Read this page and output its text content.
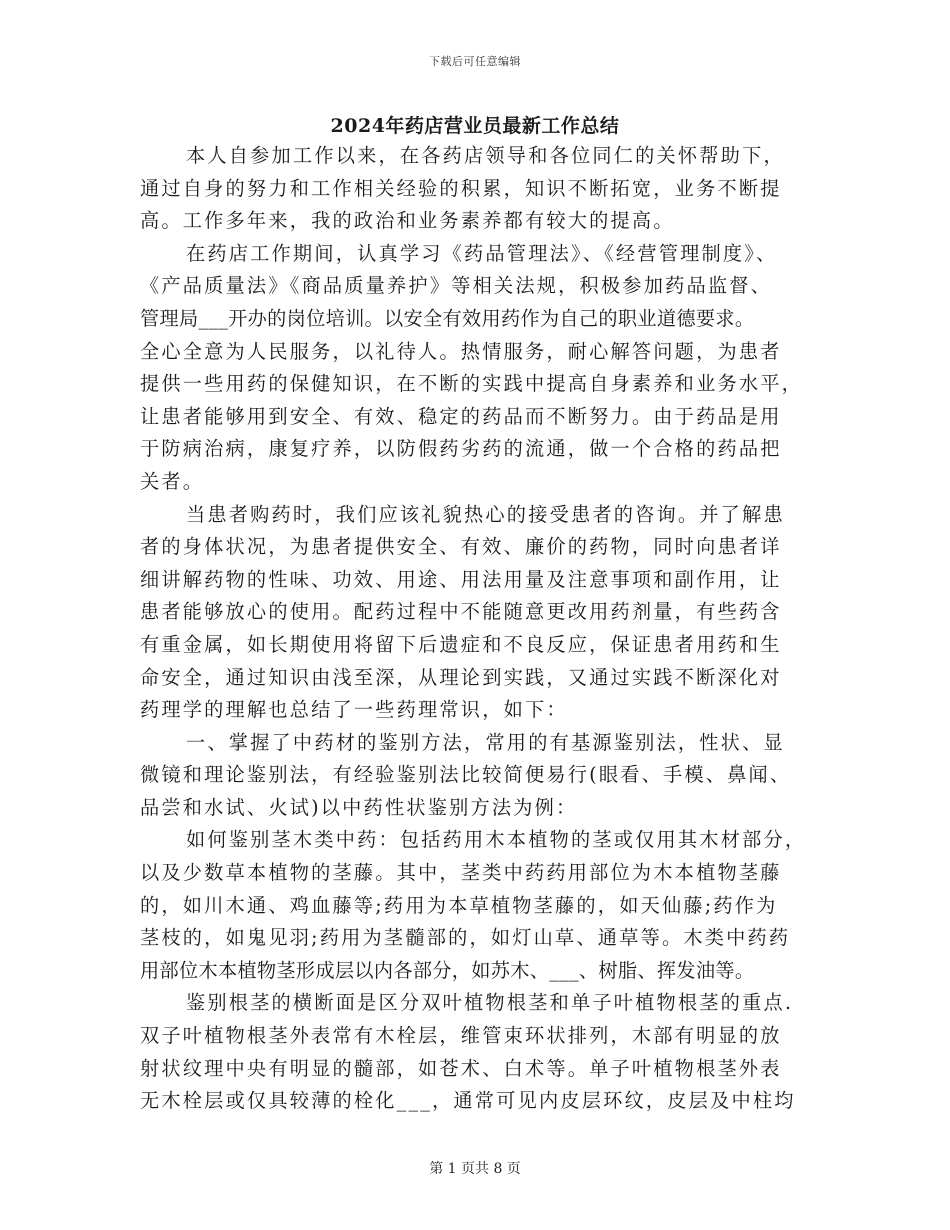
下载后可任意编辑
2024年药店营业员最新工作总结
本人自参加工作以来，在各药店领导和各位同仁的关怀帮助下，
通过自身的努力和工作相关经验的积累，知识不断拓宽，业务不断提
高。工作多年来，我的政治和业务素养都有较大的提高。
在药店工作期间，认真学习《药品管理法》、《经营管理制度》、
《产品质量法》《商品质量养护》等相关法规，积极参加药品监督、
管理局___开办的岗位培训。以安全有效用药作为自己的职业道德要求。
全心全意为人民服务，以礼待人。热情服务，耐心解答问题，为患者
提供一些用药的保健知识，在不断的实践中提高自身素养和业务水平，
让患者能够用到安全、有效、稳定的药品而不断努力。由于药品是用
于防病治病，康复疗养，以防假药劣药的流通，做一个合格的药品把
关者。
当患者购药时，我们应该礼貌热心的接受患者的咨询。并了解患
者的身体状况，为患者提供安全、有效、廉价的药物，同时向患者详
细讲解药物的性味、功效、用途、用法用量及注意事项和副作用，让
患者能够放心的使用。配药过程中不能随意更改用药剂量，有些药含
有重金属，如长期使用将留下后遗症和不良反应，保证患者用药和生
命安全，通过知识由浅至深，从理论到实践，又通过实践不断深化对
药理学的理解也总结了一些药理常识，如下：
一、掌握了中药材的鉴别方法，常用的有基源鉴别法，性状、显
微镜和理论鉴别法，有经验鉴别法比较简便易行(眼看、手模、鼻闻、
品尝和水试、火试)以中药性状鉴别方法为例：
如何鉴别茎木类中药：包括药用木本植物的茎或仅用其木材部分，
以及少数草本植物的茎藤。其中，茎类中药药用部位为木本植物茎藤
的，如川木通、鸡血藤等;药用为本草植物茎藤的，如天仙藤;药作为
茎枝的，如鬼见羽;药用为茎髓部的，如灯山草、通草等。木类中药药
用部位木本植物茎形成层以内各部分，如苏木、___、树脂、挥发油等。
鉴别根茎的横断面是区分双叶植物根茎和单子叶植物根茎的重点.
双子叶植物根茎外表常有木栓层，维管束环状排列，木部有明显的放
射状纹理中央有明显的髓部，如苍术、白术等。单子叶植物根茎外表
无木栓层或仅具较薄的栓化___，通常可见内皮层环纹，皮层及中柱均
第 1 页共 8 页
